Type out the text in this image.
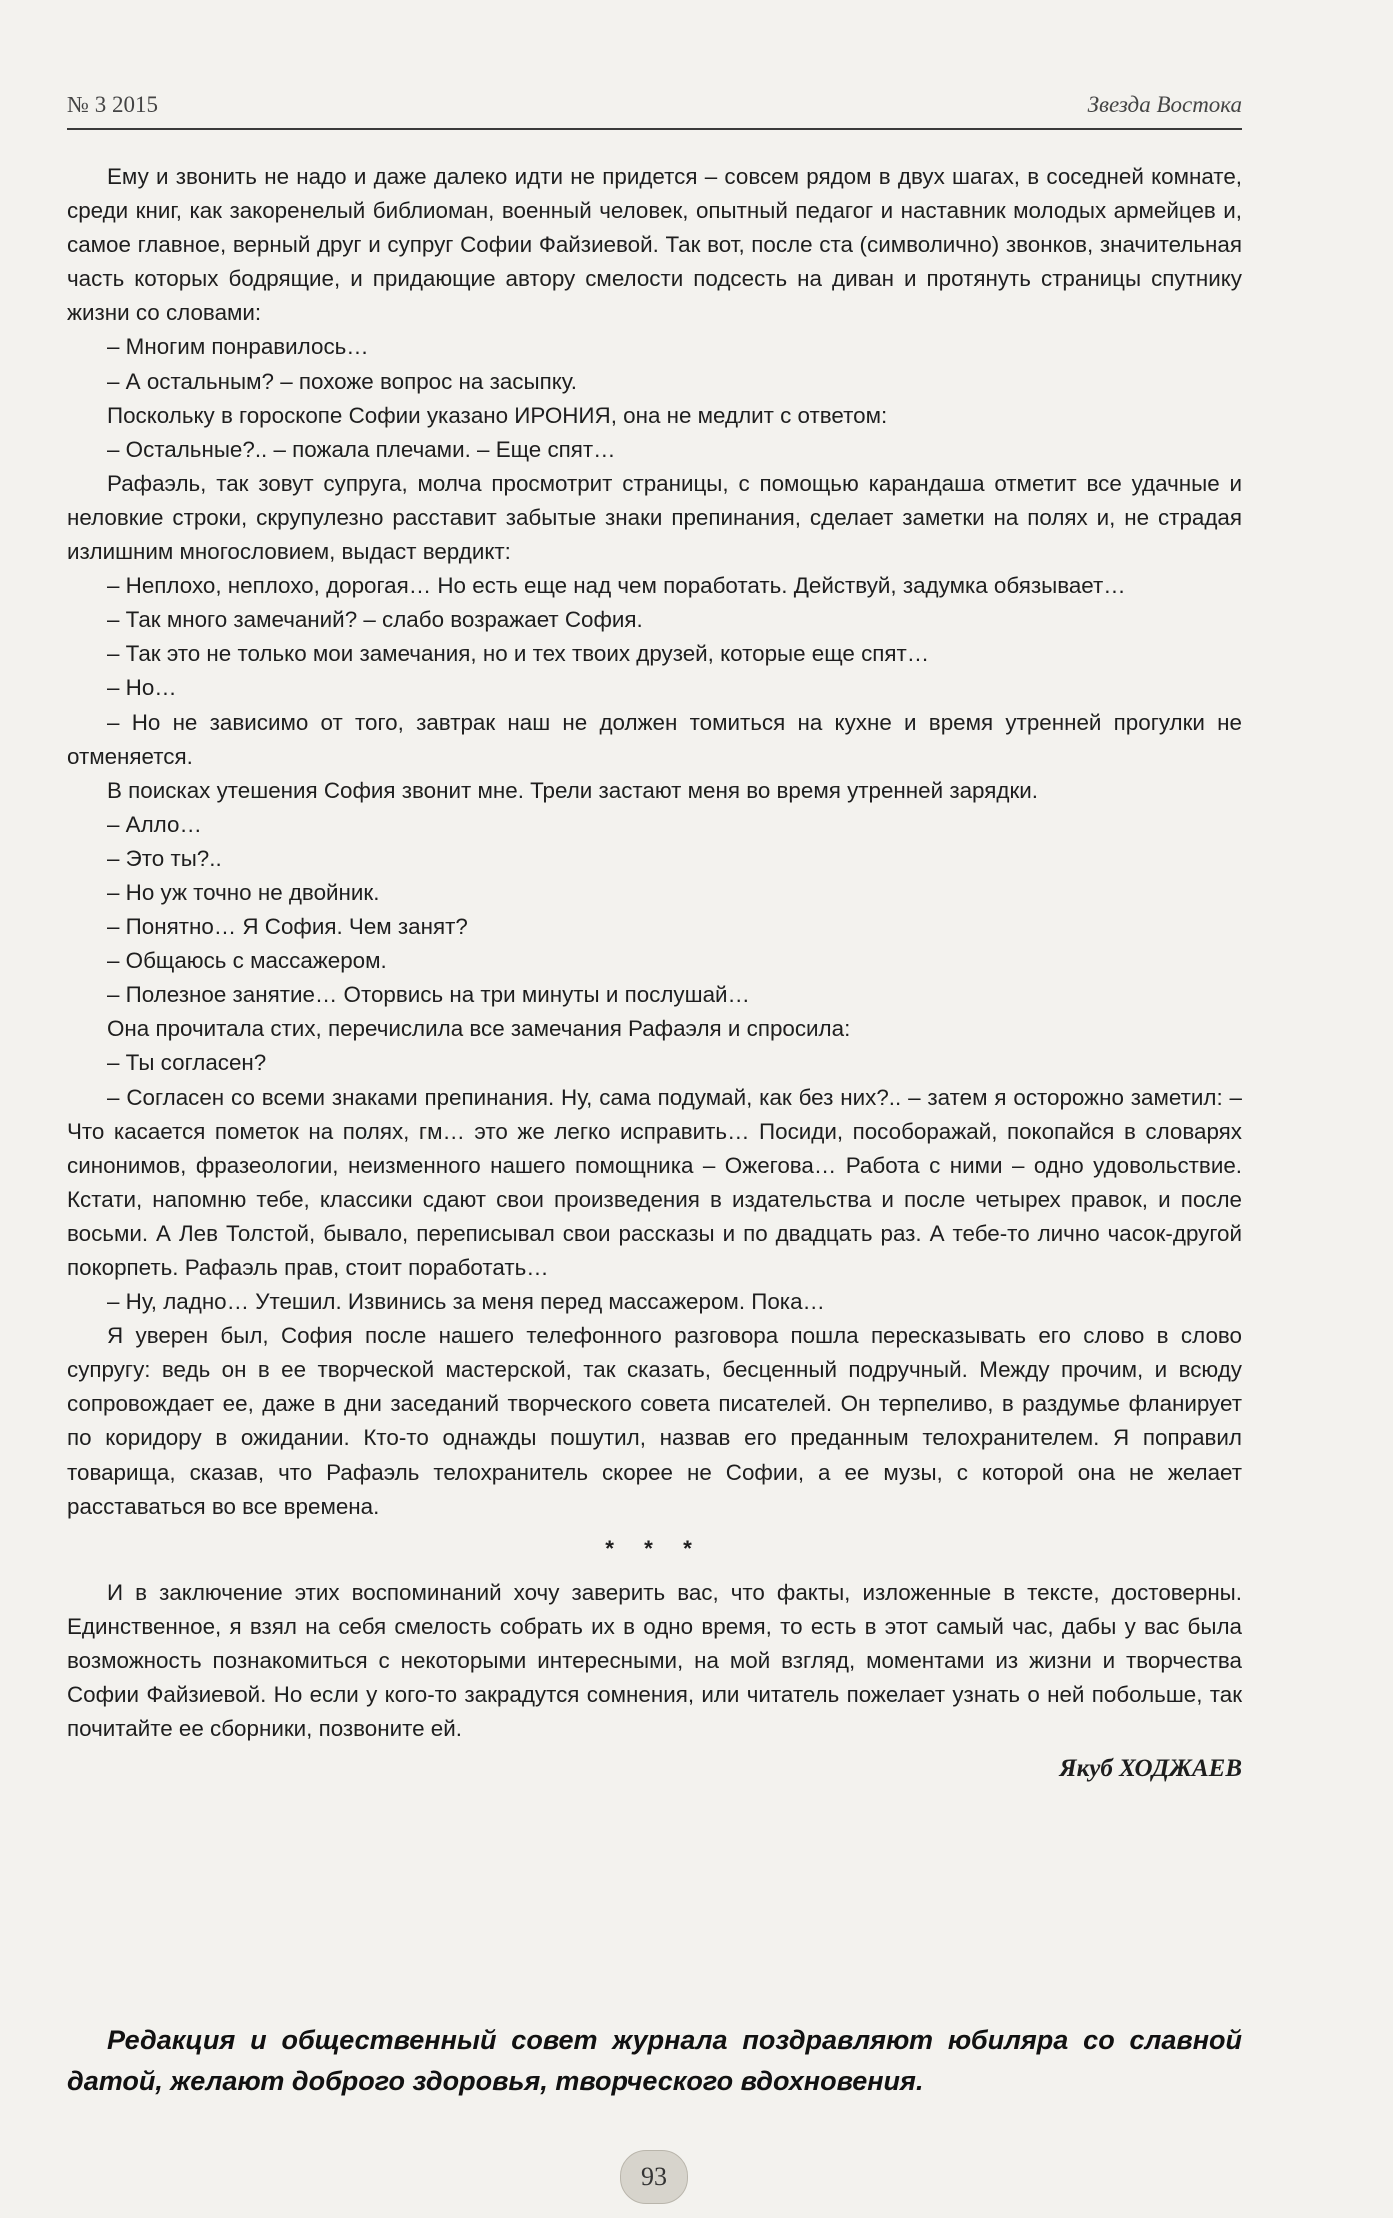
№ 3 2015	Звезда Востока

Ему и звонить не надо и даже далеко идти не придется – совсем рядом в двух шагах, в соседней комнате, среди книг, как закоренелый библиоман, военный человек, опытный педагог и наставник молодых армейцев и, самое главное, верный друг и супруг Софии Файзиевой. Так вот, после ста (символично) звонков, значительная часть которых бодрящие, и придающие автору смелости подсесть на диван и протянуть страницы спутнику жизни со словами:

– Многим понравилось…

– А остальным? – похоже вопрос на засыпку.

Поскольку в гороскопе Софии указано ИРОНИЯ, она не медлит с ответом:

– Остальные?.. – пожала плечами. – Еще спят…

Рафаэль, так зовут супруга, молча просмотрит страницы, с помощью карандаша отметит все удачные и неловкие строки, скрупулезно расставит забытые знаки препинания, сделает заметки на полях и, не страдая излишним многословием, выдаст вердикт:

– Неплохо, неплохо, дорогая… Но есть еще над чем поработать. Действуй, задумка обязывает…

– Так много замечаний? – слабо возражает София.

– Так это не только мои замечания, но и тех твоих друзей, которые еще спят…

– Но…

– Но не зависимо от того, завтрак наш не должен томиться на кухне и время утренней прогулки не отменяется.

В поисках утешения София звонит мне. Трели застают меня во время утренней зарядки.

– Алло…

– Это ты?..

– Но уж точно не двойник.

– Понятно… Я София. Чем занят?

– Общаюсь с массажером.

– Полезное занятие… Оторвись на три минуты и послушай…

Она прочитала стих, перечислила все замечания Рафаэля и спросила:

– Ты согласен?

– Согласен со всеми знаками препинания. Ну, сама подумай, как без них?.. – затем я осторожно заметил: – Что касается пометок на полях, гм… это же легко исправить… Посиди, пособоражай, покопайся в словарях синонимов, фразеологии, неизменного нашего помощника – Ожегова… Работа с ними – одно удовольствие. Кстати, напомню тебе, классики сдают свои произведения в издательства и после четырех правок, и после восьми. А Лев Толстой, бывало, переписывал свои рассказы и по двадцать раз. А тебе-то лично часок-другой покорпеть. Рафаэль прав, стоит поработать…

– Ну, ладно… Утешил. Извинись за меня перед массажером. Пока…

Я уверен был, София после нашего телефонного разговора пошла пересказывать его слово в слово супругу: ведь он в ее творческой мастерской, так сказать, бесценный подручный. Между прочим, и всюду сопровождает ее, даже в дни заседаний творческого совета писателей. Он терпеливо, в раздумье фланирует по коридору в ожидании. Кто-то однажды пошутил, назвав его преданным телохранителем. Я поправил товарища, сказав, что Рафаэль телохранитель скорее не Софии, а ее музы, с которой она не желает расставаться во все времена.

* * *

И в заключение этих воспоминаний хочу заверить вас, что факты, изложенные в тексте, достоверны. Единственное, я взял на себя смелость собрать их в одно время, то есть в этот самый час, дабы у вас была возможность познакомиться с некоторыми интересными, на мой взгляд, моментами из жизни и творчества Софии Файзиевой. Но если у кого-то закрадутся сомнения, или читатель пожелает узнать о ней побольше, так почитайте ее сборники, позвоните ей.

Якуб ХОДЖАЕВ

Редакция и общественный совет журнала поздравляют юбиляра со славной датой, желают доброго здоровья, творческого вдохновения.
93
